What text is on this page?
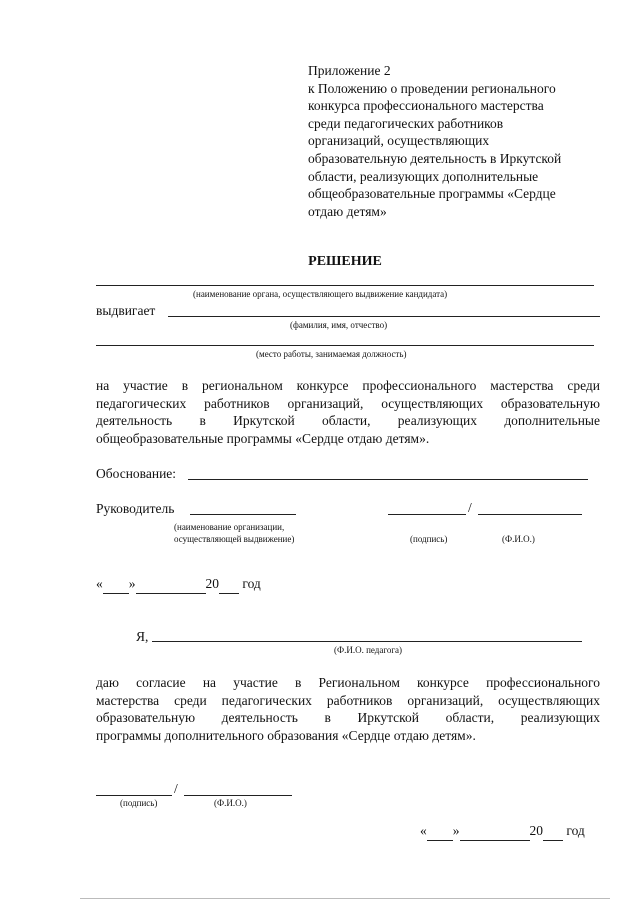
Приложение 2
к Положению о проведении регионального
конкурса профессионального мастерства
среди педагогических работников
организаций, осуществляющих
образовательную деятельность в Иркутской
области, реализующих дополнительные
общеобразовательные программы «Сердце
отдаю детям»
РЕШЕНИЕ
(наименование органа, осуществляющего выдвижение кандидата)
выдвигает
(фамилия, имя, отчество)
(место работы, занимаемая должность)
на участие в региональном конкурсе профессионального мастерства среди
педагогических работников организаций, осуществляющих образовательную
деятельность в Иркутской области, реализующих дополнительные
общеобразовательные программы «Сердце отдаю детям».
Обоснование:
Руководитель	/
(наименование организации,
осуществляющей выдвижение)	(подпись)	(Ф.И.О.)
« »	20 год
Я,
(Ф.И.О. педагога)
даю согласие на участие в Региональном конкурсе профессионального
мастерства среди педагогических работников организаций, осуществляющих
образовательную деятельность в Иркутской области, реализующих
программы дополнительного образования «Сердце отдаю детям».
/
(подпись)	(Ф.И.О.)
« »	20 год
